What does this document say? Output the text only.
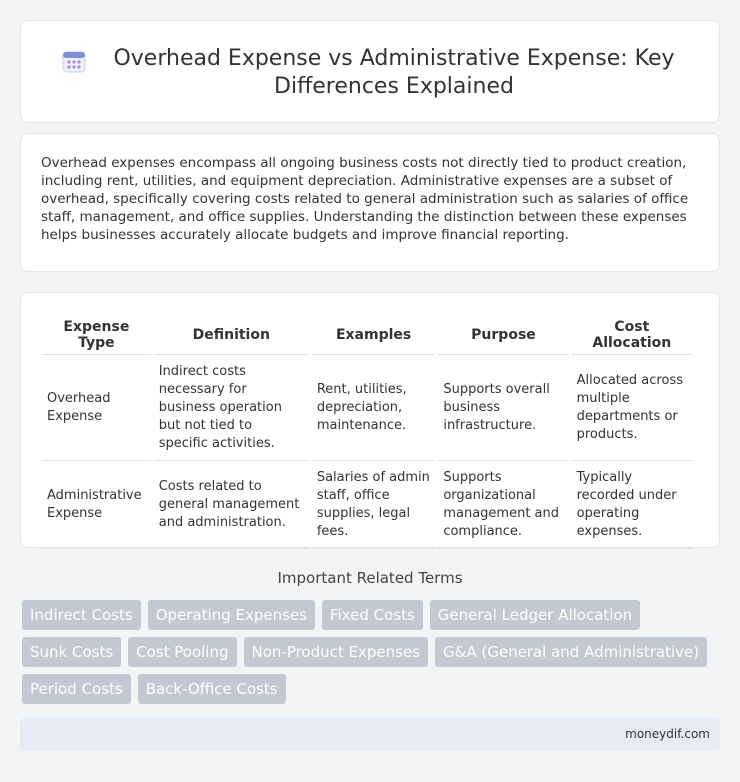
Overhead Expense vs Administrative Expense: Key Differences Explained

Overhead expenses encompass all ongoing business costs not directly tied to product creation, including rent, utilities, and equipment depreciation. Administrative expenses are a subset of overhead, specifically covering costs related to general administration such as salaries of office staff, management, and office supplies. Understanding the distinction between these expenses helps businesses accurately allocate budgets and improve financial reporting.

Expense Type	Definition	Examples	Purpose	Cost Allocation
Overhead Expense	Indirect costs necessary for business operation but not tied to specific activities.	Rent, utilities, depreciation, maintenance.	Supports overall business infrastructure.	Allocated across multiple departments or products.
Administrative Expense	Costs related to general management and administration.	Salaries of admin staff, office supplies, legal fees.	Supports organizational management and compliance.	Typically recorded under operating expenses.
Important Related Terms
Indirect Costs	Operating Expenses	Fixed Costs	General Ledger Allocation
Sunk Costs	Cost Pooling	Non-Product Expenses	G&A (General and Administrative)
Period Costs	Back-Office Costs
moneydif.com
